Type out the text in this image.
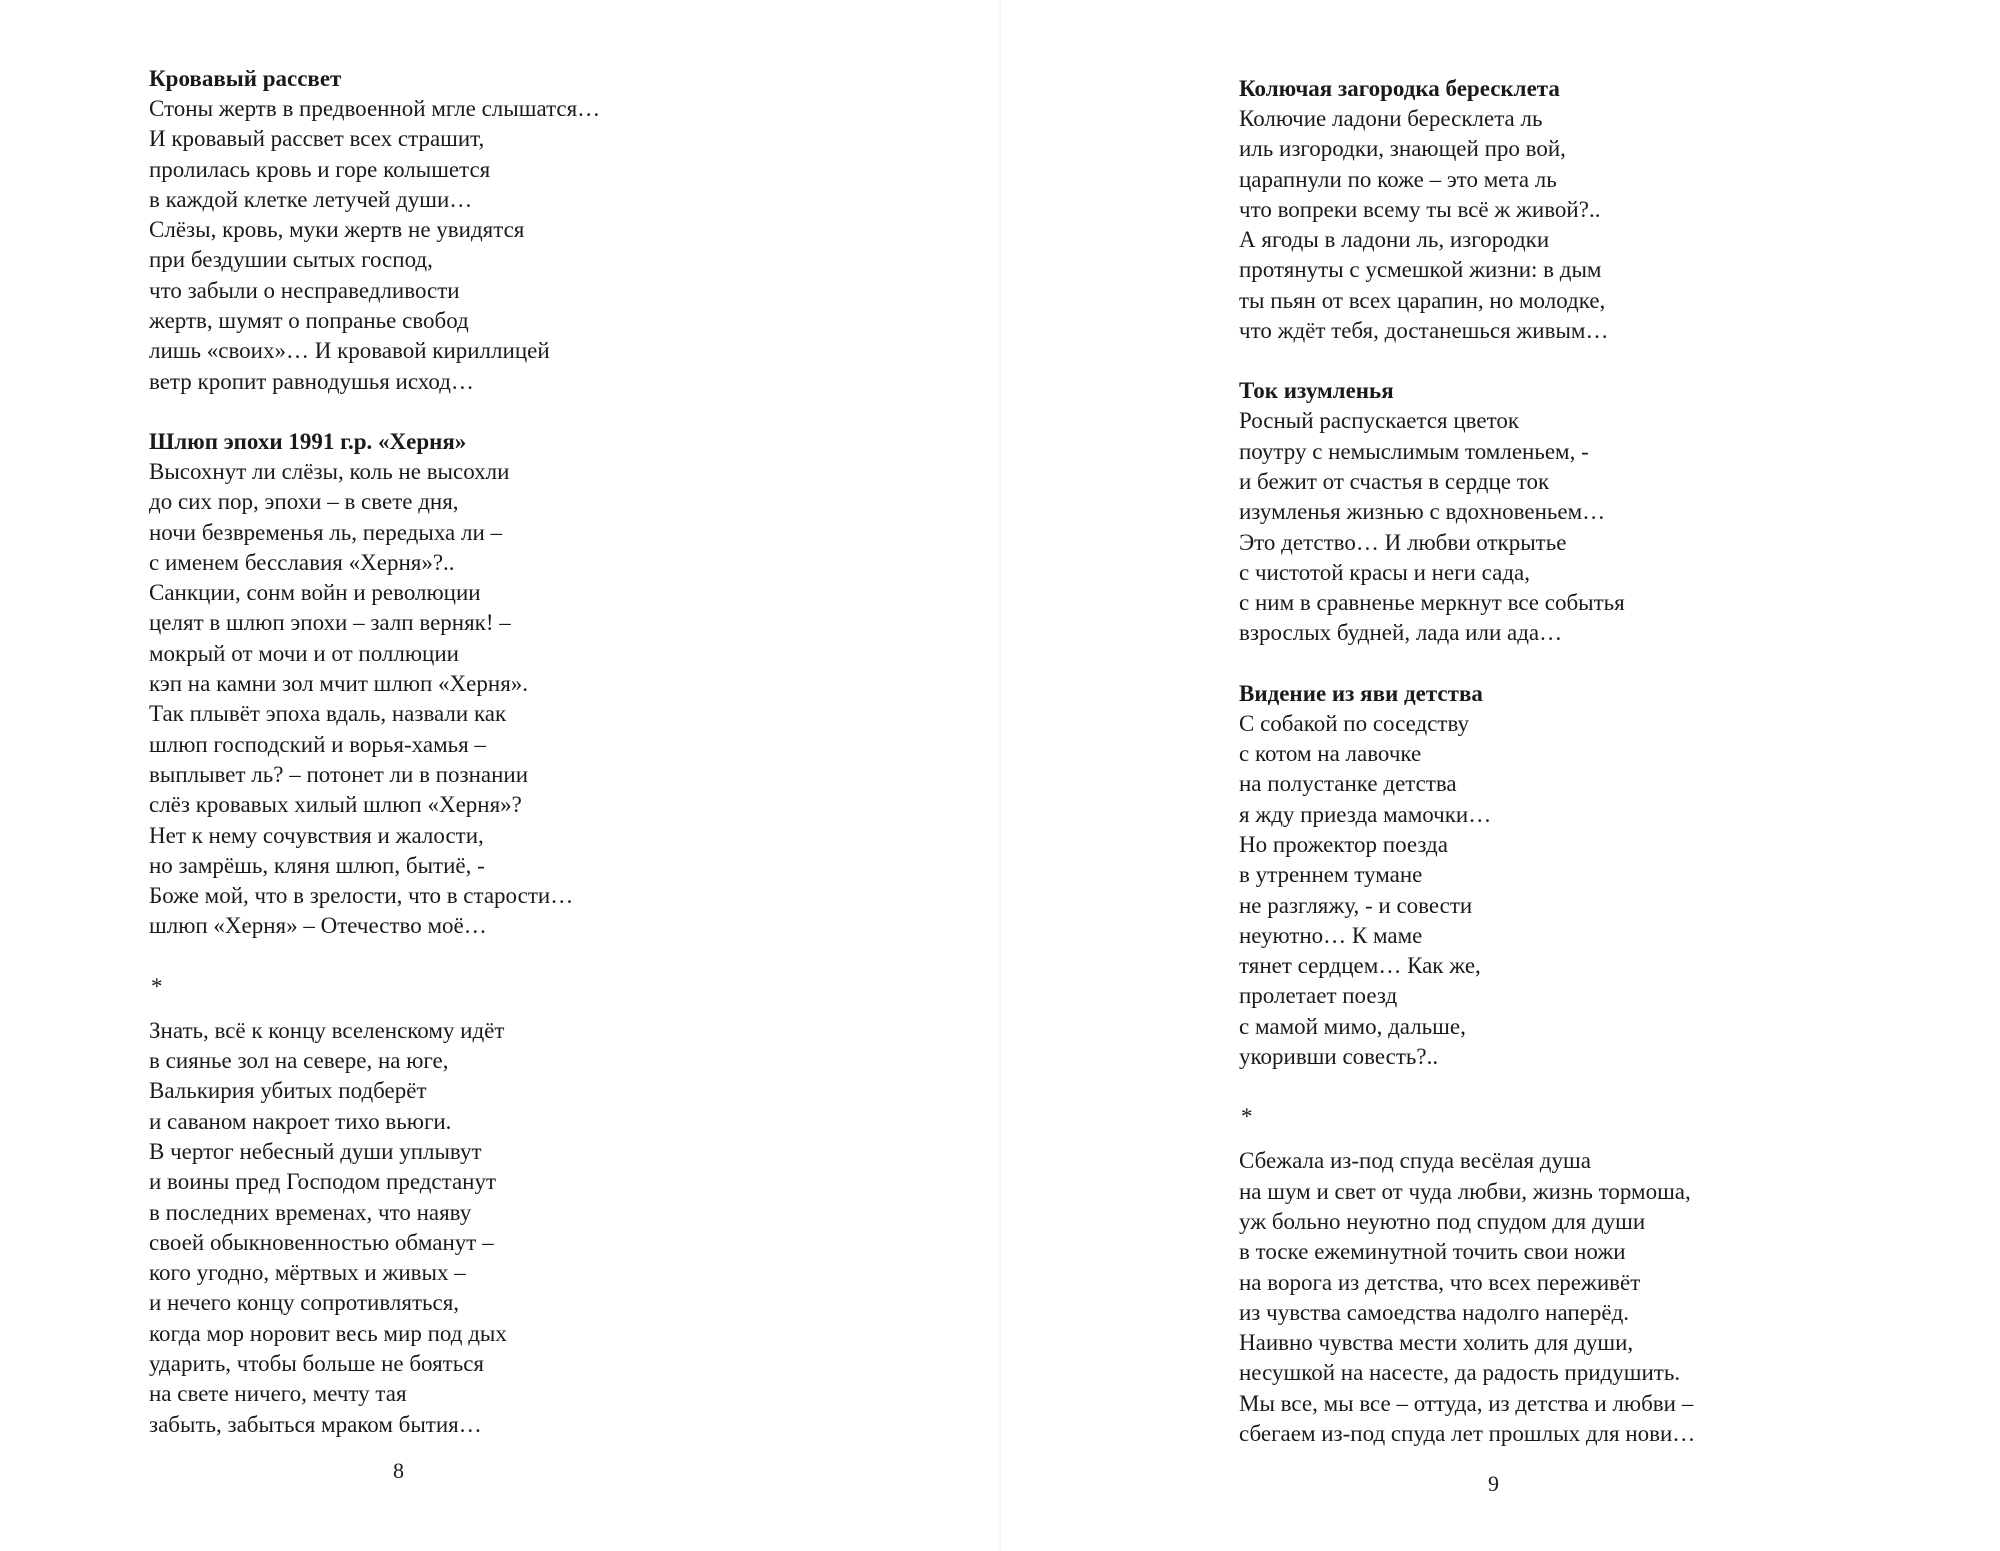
Кровавый рассвет
Стоны жертв в предвоенной мгле слышатся…
И кровавый рассвет всех страшит,
пролилась кровь и горе колышется
в каждой клетке летучей души…
Слёзы, кровь, муки жертв не увидятся
при бездушии сытых господ,
что забыли о несправедливости
жертв, шумят о попранье свобод
лишь «своих»… И кровавой кириллицей
ветр кропит равнодушья исход…
Шлюп эпохи 1991 г.р. «Херня»
Высохнут ли слёзы, коль не высохли
до сих пор, эпохи – в свете дня,
ночи безвременья ль, передыха ли –
с именем бесславия «Херня»?..
Санкции, сонм войн и революции
целят в шлюп эпохи – залп верняк! –
мокрый от мочи и от поллюции
кэп на камни зол мчит шлюп «Херня».
Так плывёт эпоха вдаль, назвали как
шлюп господский и ворья-хамья –
выплывет ль? – потонет ли в познании
слёз кровавых хилый шлюп «Херня»?
Нет к нему сочувствия и жалости,
но замрёшь, кляня шлюп, бытиё, -
Боже мой, что в зрелости, что в старости…
шлюп «Херня» – Отечество моё…
*
Знать, всё к концу вселенскому идёт
в сиянье зол на севере, на юге,
Валькирия убитых подберёт
и саваном накроет тихо вьюги.
В чертог небесный души уплывут
и воины пред Господом предстанут
в последних временах, что наяву
своей обыкновенностью обманут –
кого угодно, мёртвых и живых –
и нечего концу сопротивляться,
когда мор норовит весь мир под дых
ударить, чтобы больше не бояться
на свете ничего, мечту тая
забыть, забыться мраком бытия…
8
Колючая загородка бересклета
Колючие ладони бересклета ль
иль изгородки, знающей про вой,
царапнули по коже – это мета ль
что вопреки всему ты всё ж живой?..
А ягоды в ладони ль, изгородки
протянуты с усмешкой жизни: в дым
ты пьян от всех царапин, но молодке,
что ждёт тебя, достанешься живым…
Ток изумленья
Росный распускается цветок
поутру с немыслимым томленьем, -
и бежит от счастья в сердце ток
изумленья жизнью с вдохновеньем…
Это детство… И любви открытье
с чистотой красы и неги сада,
с ним в сравненье меркнут все событья
взрослых будней, лада или ада…
Видение из яви детства
С собакой по соседству
с котом на лавочке
на полустанке детства
я жду приезда мамочки…
Но прожектор поезда
в утреннем тумане
не разгляжу, - и совести
неуютно… К маме
тянет сердцем… Как же,
пролетает поезд
с мамой мимо, дальше,
укоривши совесть?..
*
Сбежала из-под спуда весёлая душа
на шум и свет от чуда любви, жизнь тормоша,
уж больно неуютно под спудом для души
в тоске ежеминутной точить свои ножи
на ворога из детства, что всех переживёт
из чувства самоедства надолго наперёд.
Наивно чувства мести холить для души,
несушкой на насесте, да радость придушить.
Мы все, мы все – оттуда, из детства и любви –
сбегаем из-под спуда лет прошлых для нови…
9
